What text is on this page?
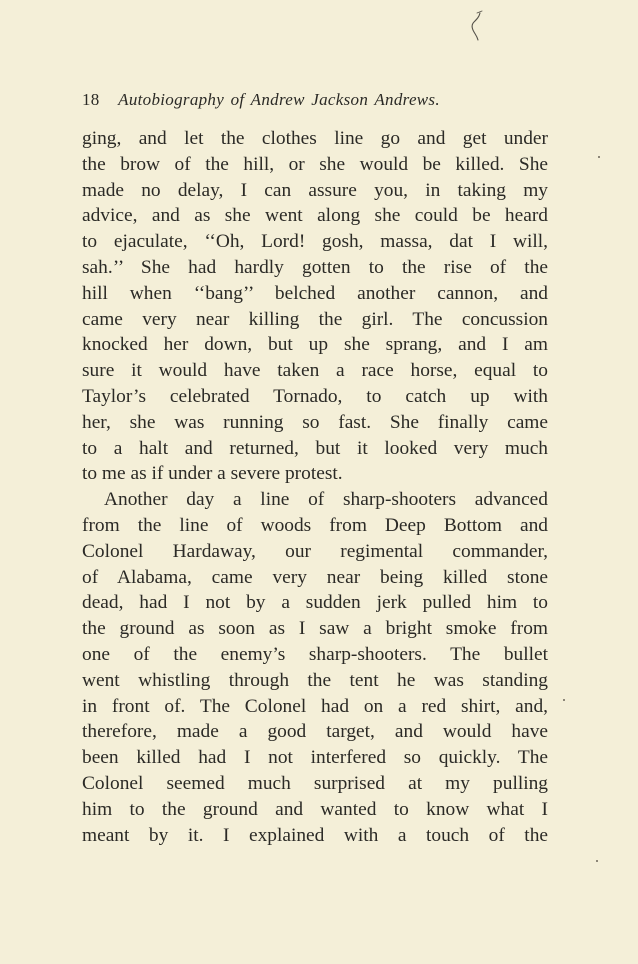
18 Autobiography of Andrew Jackson Andrews.
ging, and let the clothes line go and get under
the brow of the hill, or she would be killed. She
made no delay, I can assure you, in taking my
advice, and as she went along she could be heard
to ejaculate, ‘‘Oh, Lord! gosh, massa, dat I will,
sah.’’ She had hardly gotten to the rise of the
hill when ‘‘bang’’ belched another cannon, and
came very near killing the girl. The concussion
knocked her down, but up she sprang, and I am
sure it would have taken a race horse, equal to
Taylor’s celebrated Tornado, to catch up with
her, she was running so fast. She finally came
to a halt and returned, but it looked very much
to me as if under a severe protest.
Another day a line of sharp-shooters advanced
from the line of woods from Deep Bottom and
Colonel Hardaway, our regimental commander,
of Alabama, came very near being killed stone
dead, had I not by a sudden jerk pulled him to
the ground as soon as I saw a bright smoke from
one of the enemy’s sharp-shooters. The bullet
went whistling through the tent he was standing
in front of. The Colonel had on a red shirt, and,
therefore, made a good target, and would have
been killed had I not interfered so quickly. The
Colonel seemed much surprised at my pulling
him to the ground and wanted to know what I
meant by it. I explained with a touch of the
